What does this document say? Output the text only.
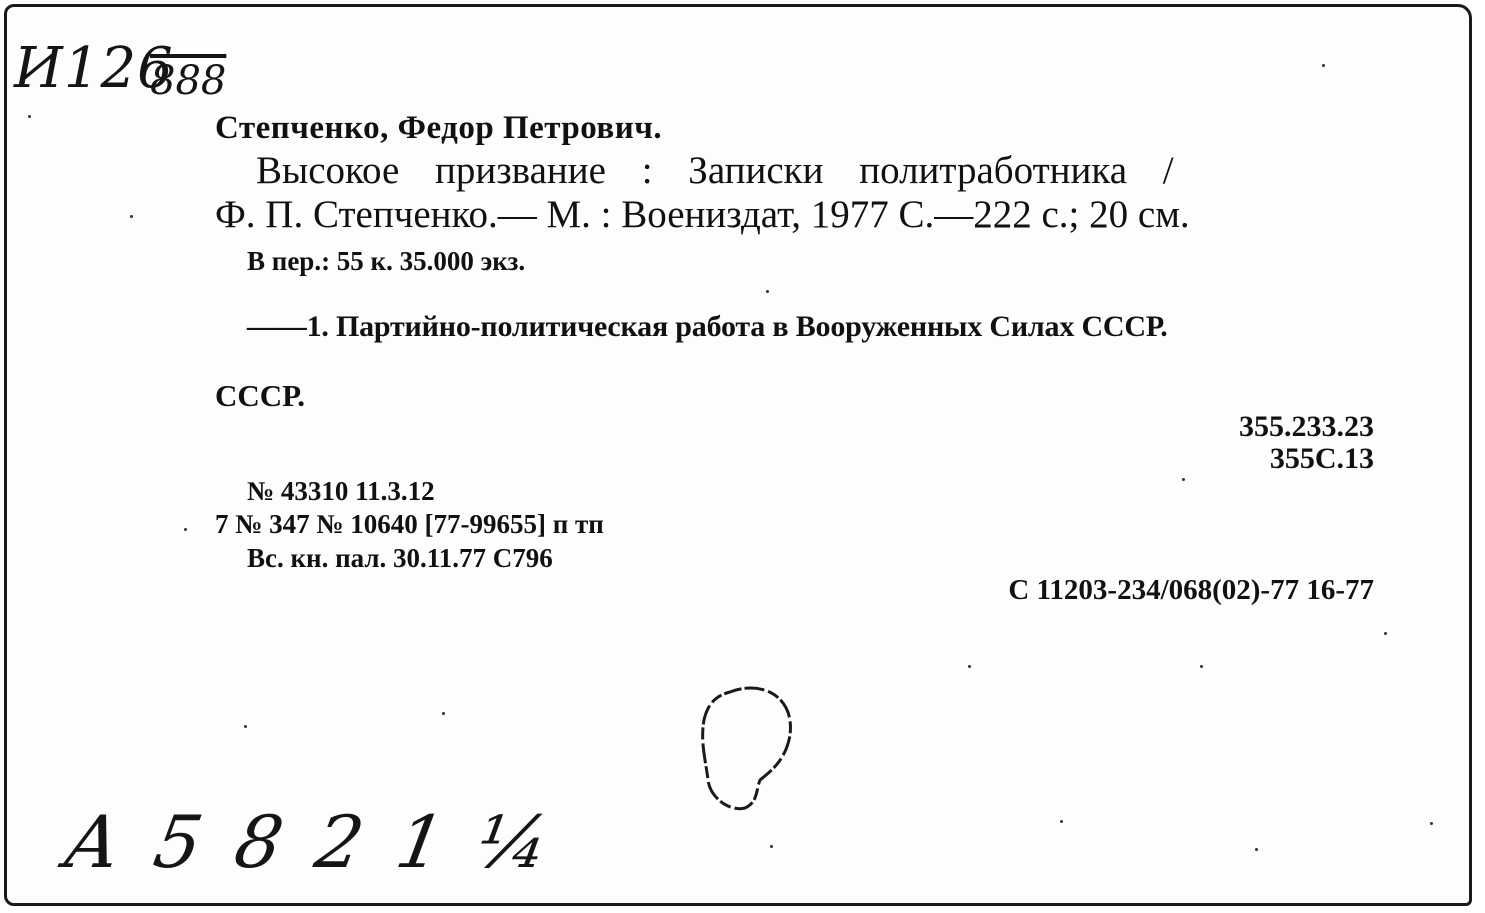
И126
888
Степченко, Федор Петрович.
Высокое призвание : Записки политработника /
Ф. П. Степченко.— М. : Воениздат, 1977 С.—222 с.; 20 см.
В пер.: 55 к. 35.000 экз.
——1. Партийно-политическая работа в Вооруженных Силах СССР.
СССР.
355.233.23
355С.13
№ 43310 11.3.12
7 № 347 № 10640 [77-99655] п тп
Вс. кн. пал. 30.11.77 С796
С 11203-234/068(02)-77 16-77
А 5 8 2 1 ¼
